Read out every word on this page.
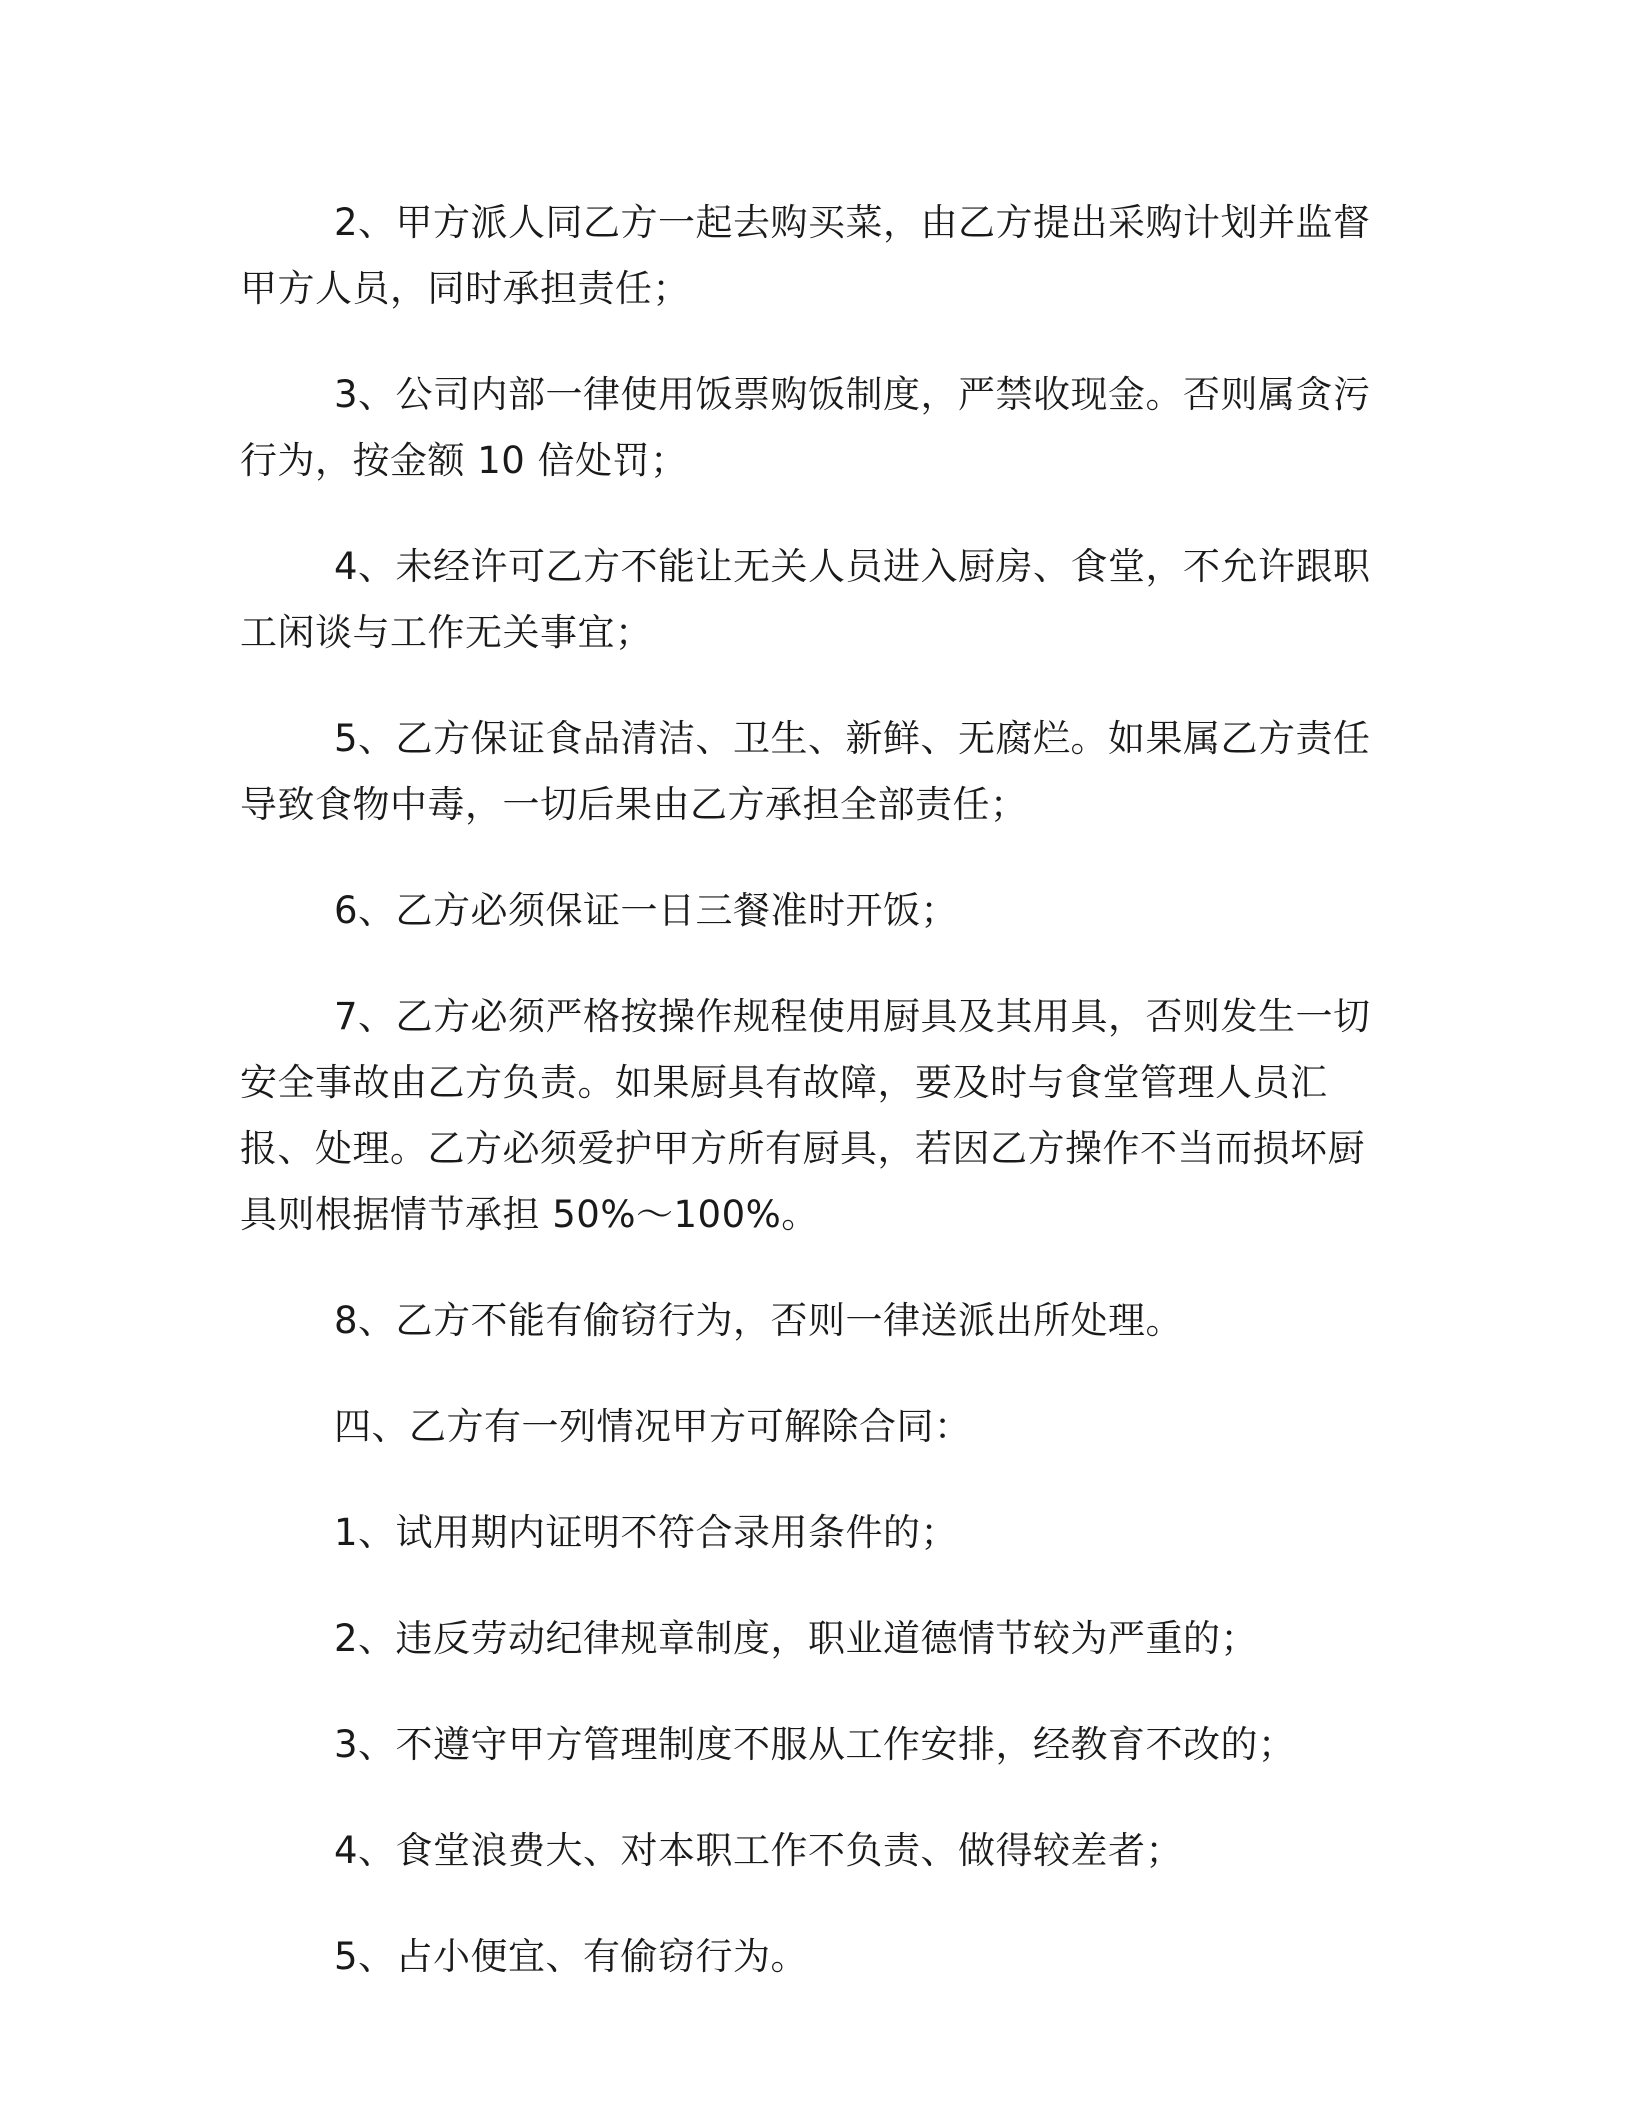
2、甲方派人同乙方一起去购买菜，由乙方提出采购计划并监督甲方人员，同时承担责任；

3、公司内部一律使用饭票购饭制度，严禁收现金。否则属贪污行为，按金额 10 倍处罚；

4、未经许可乙方不能让无关人员进入厨房、食堂，不允许跟职工闲谈与工作无关事宜；

5、乙方保证食品清洁、卫生、新鲜、无腐烂。如果属乙方责任导致食物中毒，一切后果由乙方承担全部责任；

6、乙方必须保证一日三餐准时开饭；

7、乙方必须严格按操作规程使用厨具及其用具，否则发生一切安全事故由乙方负责。如果厨具有故障，要及时与食堂管理人员汇报、处理。乙方必须爱护甲方所有厨具，若因乙方操作不当而损坏厨具则根据情节承担 50%～100%。

8、乙方不能有偷窃行为，否则一律送派出所处理。

四、乙方有一列情况甲方可解除合同：

1、试用期内证明不符合录用条件的；

2、违反劳动纪律规章制度，职业道德情节较为严重的；

3、不遵守甲方管理制度不服从工作安排，经教育不改的；

4、食堂浪费大、对本职工作不负责、做得较差者；

5、占小便宜、有偷窃行为。
